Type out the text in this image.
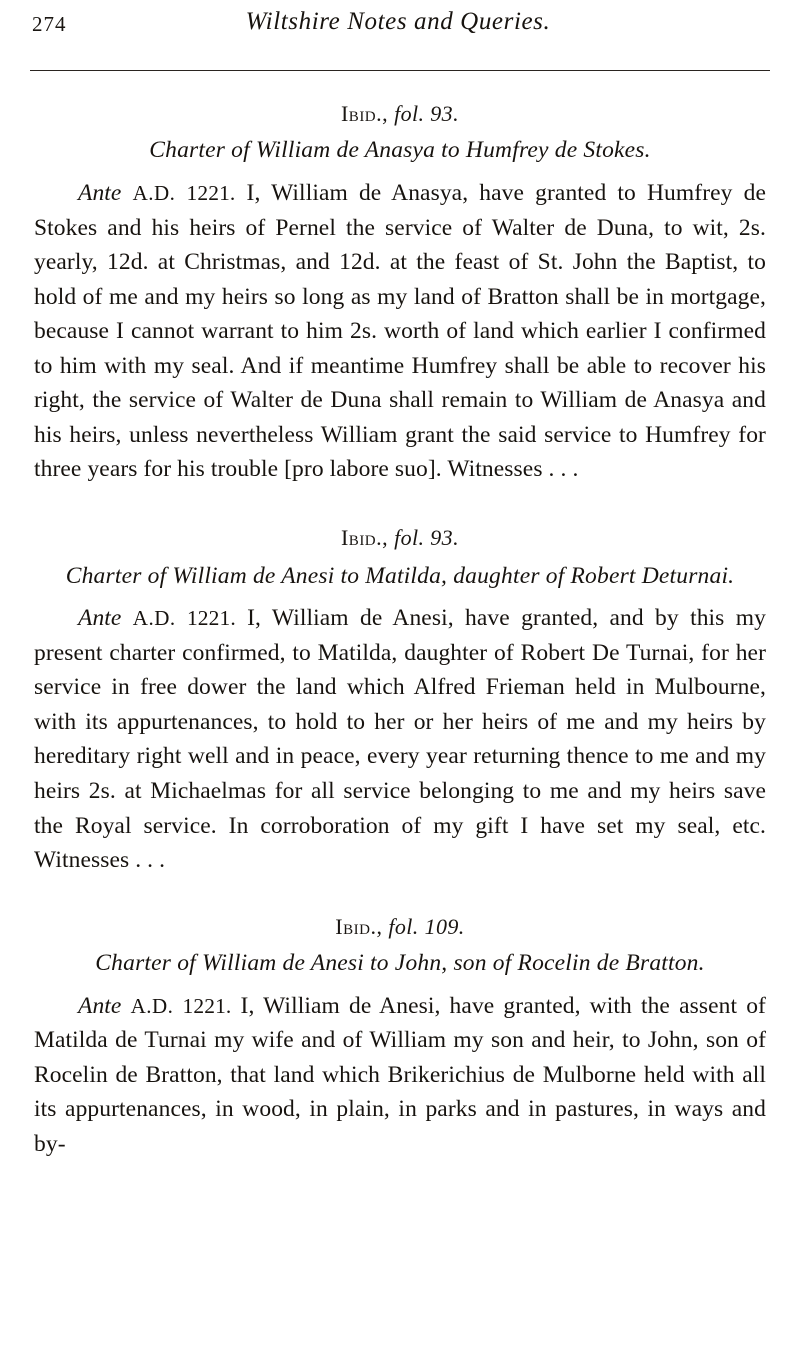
274	Wiltshire Notes and Queries.
Ibid., fol. 93.
Charter of William de Anasya to Humfrey de Stokes.

Ante A.D. 1221. I, William de Anasya, have granted to Humfrey de Stokes and his heirs of Pernel the service of Walter de Duna, to wit, 2s. yearly, 12d. at Christmas, and 12d. at the feast of St. John the Baptist, to hold of me and my heirs so long as my land of Bratton shall be in mortgage, because I cannot warrant to him 2s. worth of land which earlier I confirmed to him with my seal. And if meantime Humfrey shall be able to recover his right, the service of Walter de Duna shall remain to William de Anasya and his heirs, unless nevertheless William grant the said service to Humfrey for three years for his trouble [pro labore suo]. Witnesses . . .

Ibid., fol. 93.
Charter of William de Anesi to Matilda, daughter of Robert Deturnai.

Ante A.D. 1221. I, William de Anesi, have granted, and by this my present charter confirmed, to Matilda, daughter of Robert De Turnai, for her service in free dower the land which Alfred Frieman held in Mulbourne, with its appurtenances, to hold to her or her heirs of me and my heirs by hereditary right well and in peace, every year returning thence to me and my heirs 2s. at Michaelmas for all service belonging to me and my heirs save the Royal service. In corroboration of my gift I have set my seal, etc. Witnesses . . .

Ibid., fol. 109.
Charter of William de Anesi to John, son of Rocelin de Bratton.

Ante A.D. 1221. I, William de Anesi, have granted, with the assent of Matilda de Turnai my wife and of William my son and heir, to John, son of Rocelin de Bratton, that land which Brikerichius de Mulborne held with all its appurtenances, in wood, in plain, in parks and in pastures, in ways and by-
